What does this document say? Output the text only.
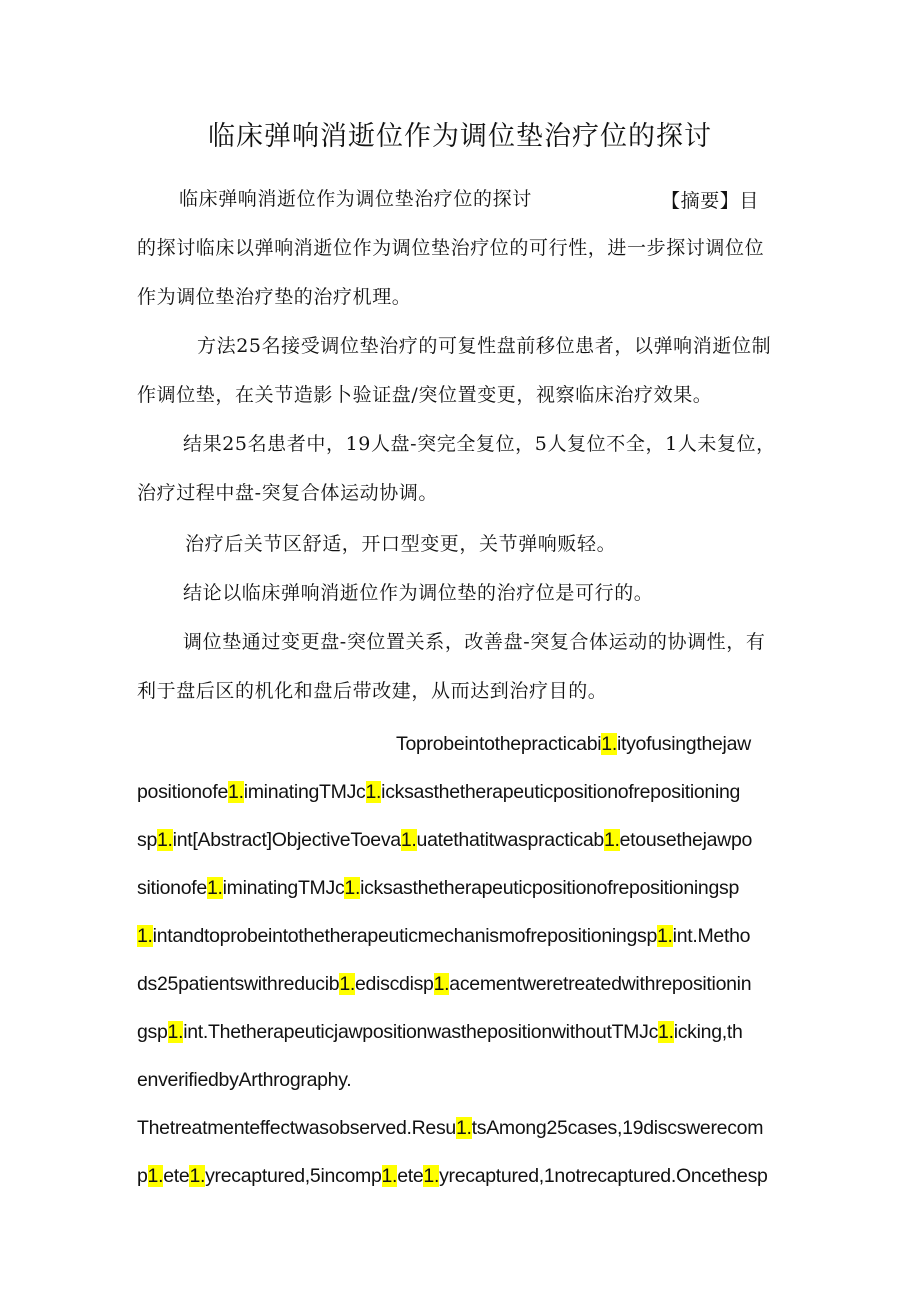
临床弹响消逝位作为调位垫治疗位的探讨
临床弹响消逝位作为调位垫治疗位的探讨	【摘要】目
的探讨临床以弹响消逝位作为调位垫治疗位的可行性，进一步探讨调位位
作为调位垫治疗垫的治疗机理。
方法25名接受调位垫治疗的可复性盘前移位患者，以弹响消逝位制
作调位垫，在关节造影卜验证盘/突位置变更，视察临床治疗效果。
结果25名患者中，19人盘-突完全复位，5人复位不全，1人未复位，
治疗过程中盘-突复合体运动协调。
治疗后关节区舒适，开口型变更，关节弹响贩轻。
结论以临床弹响消逝位作为调位垫的治疗位是可行的。
调位垫通过变更盘-突位置关系，改善盘-突复合体运动的协调性，有
利于盘后区的机化和盘后带改建，从而达到治疗目的。
Toprobeintothepracticabi1.ityofusingthejaw
positionofe1.iminatingTMJc1.icksasthetherapeuticpositionofrepositioning
sp1.int[Abstract]ObjectiveToeva1.uatethatitwaspracticab1.etousethejawpo
sitionofe1.iminatingTMJc1.icksasthetherapeuticpositionofrepositioningsp
1.intandtoprobeintothetherapeuticmechanismofrepositioningsp1.int.Metho
ds25patientswithreducib1.ediscdisp1.acementweretreatedwithrepositionin
gsp1.int.ThetherapeuticjawpositionwasthepositionwithoutTMJc1.icking,th
enverifiedbyArthrography.
Thetreatmenteffectwasobserved.Resu1.tsAmong25cases,19discswerecom
p1.ete1.yrecaptured,5incomp1.ete1.yrecaptured,1notrecaptured.Oncethesp
